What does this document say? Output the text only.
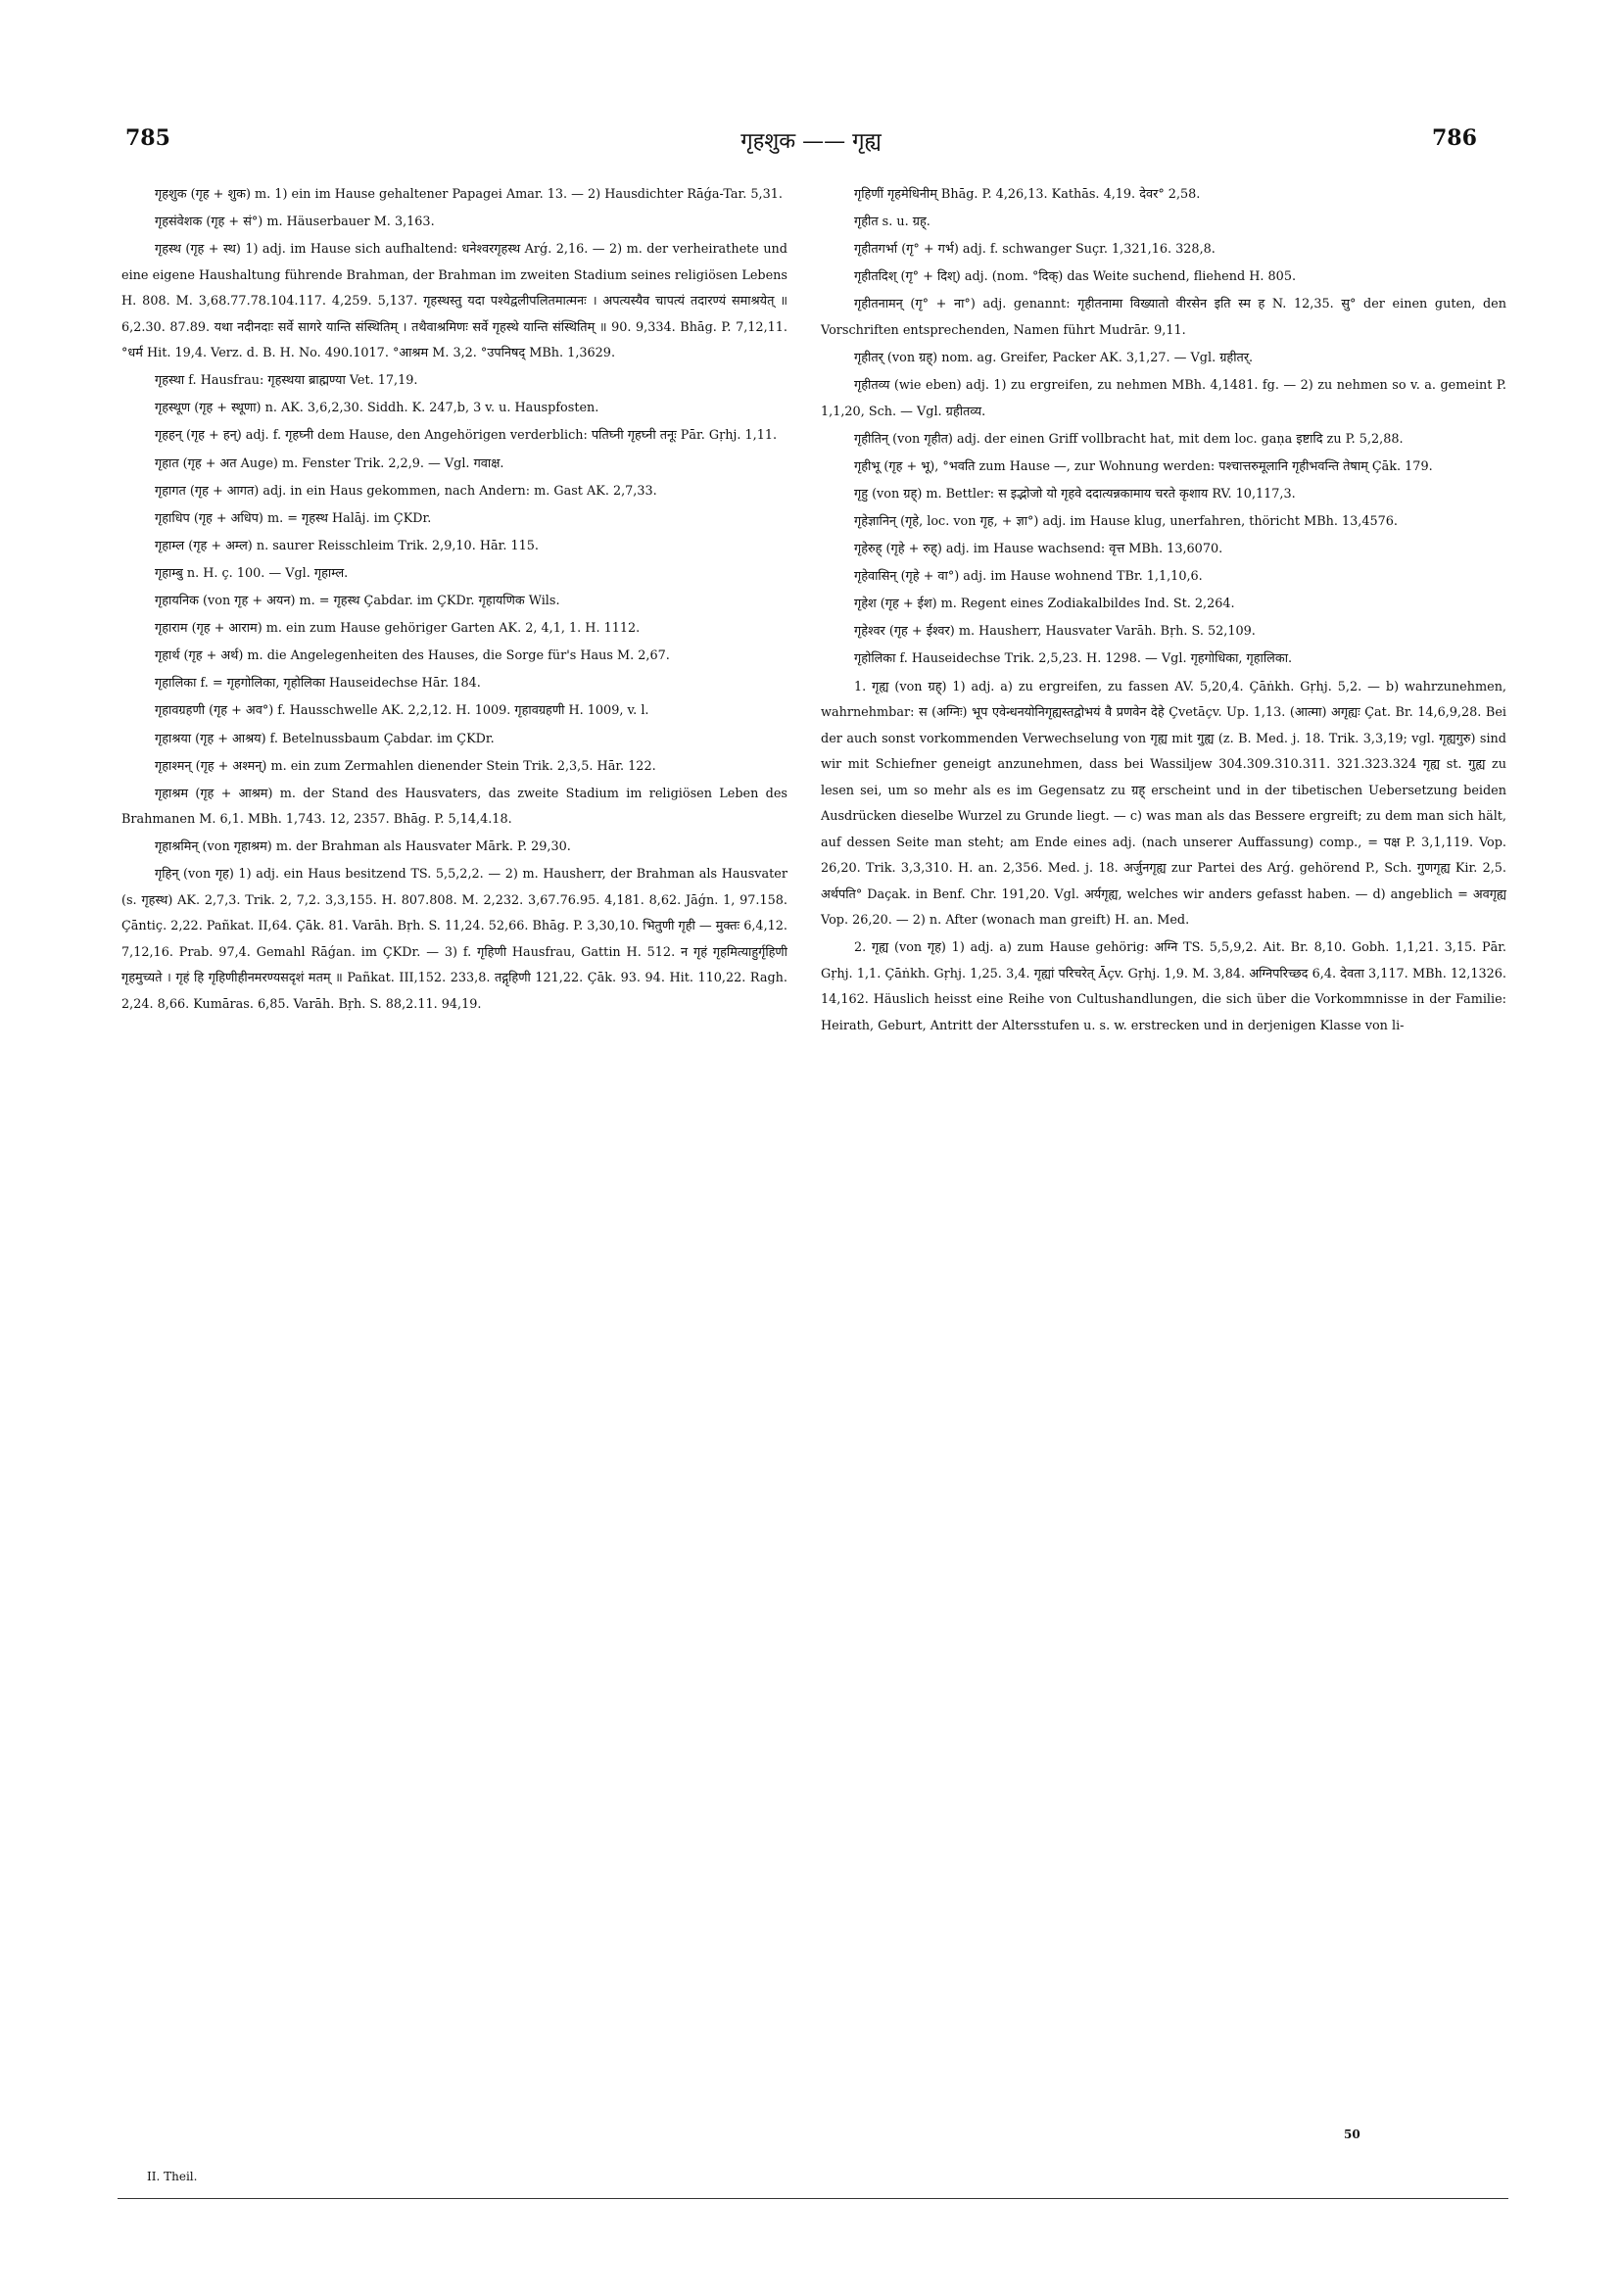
785	गृहशुक —— गृह्य	786

गृहशुक (गृह + शुक) m. 1) ein im Hause gehaltener Papagei Amar. 13. — 2) Hausdichter Rāǵa-Tar. 5,31.

गृहसंवेशक (गृह + सं°) m. Häuserbauer M. 3,163.

गृहस्थ (गृह + स्थ) 1) adj. im Hause sich aufhaltend: धनेश्वरगृहस्थ Arǵ. 2,16. — 2) m. der verheirathete und eine eigene Haushaltung führende Brahman, der Brahman im zweiten Stadium seines religiösen Lebens H. 808. M. 3,68.77.78.104.117. 4,259. 5,137. गृहस्थस्तु यदा पश्येद्वलीपलितमात्मनः । अपत्यस्यैव चापत्यं तदारण्यं समाश्रयेत् ॥ 6,2.30. 87.89. यथा नदीनदाः सर्वे सागरे यान्ति संस्थितिम् । तथैवाश्रमिणः सर्वे गृहस्थे यान्ति संस्थितिम् ॥ 90. 9,334. Bhāg. P. 7,12,11. °धर्म Hit. 19,4. Verz. d. B. H. No. 490.1017. °आश्रम M. 3,2. °उपनिषद् MBh. 1,3629.

गृहस्था f. Hausfrau: गृहस्थया ब्राह्मण्या Vet. 17,19.

गृहस्थूण (गृह + स्थूणा) n. AK. 3,6,2,30. Siddh. K. 247,b, 3 v. u. Hauspfosten.

गृहहन् (गृह + हन्) adj. f. गृहघ्नी dem Hause, den Angehörigen verderblich: पतिघ्नी गृहघ्नी तनूः Pār. Gṛhj. 1,11.

गृहात (गृह + अत Auge) m. Fenster Trik. 2,2,9. — Vgl. गवाक्ष.

गृहागत (गृह + आगत) adj. in ein Haus gekommen, nach Andern: m. Gast AK. 2,7,33.

गृहाधिप (गृह + अधिप) m. = गृहस्थ Halāj. im ÇKDr.

गृहाम्ल (गृह + अम्ल) n. saurer Reisschleim Trik. 2,9,10. Hār. 115.

गृहाम्बु n. H. ç. 100. — Vgl. गृहाम्ल.

गृहायनिक (von गृह + अयन) m. = गृहस्थ Çabdar. im ÇKDr. गृहायणिक Wils.

गृहाराम (गृह + आराम) m. ein zum Hause gehöriger Garten AK. 2, 4,1, 1. H. 1112.

गृहार्थ (गृह + अर्थ) m. die Angelegenheiten des Hauses, die Sorge für's Haus M. 2,67.

गृहालिका f. = गृहगोलिका, गृहोलिका Hauseidechse Hār. 184.

गृहावग्रहणी (गृह + अव°) f. Hausschwelle AK. 2,2,12. H. 1009. गृहावग्रहणी H. 1009, v. l.

गृहाश्रया (गृह + आश्रय) f. Betelnussbaum Çabdar. im ÇKDr.

गृहाश्मन् (गृह + अश्मन्) m. ein zum Zermahlen dienender Stein Trik. 2,3,5. Hār. 122.

गृहाश्रम (गृह + आश्रम) m. der Stand des Hausvaters, das zweite Stadium im religiösen Leben des Brahmanen M. 6,1. MBh. 1,743. 12, 2357. Bhāg. P. 5,14,4.18.

गृहाश्रमिन् (von गृहाश्रम) m. der Brahman als Hausvater Mārk. P. 29,30.

गृहिन् (von गृह) 1) adj. ein Haus besitzend TS. 5,5,2,2. — 2) m. Hausherr, der Brahman als Hausvater (s. गृहस्थ) AK. 2,7,3. Trik. 2, 7,2. 3,3,155. H. 807.808. M. 2,232. 3,67.76.95. 4,181. 8,62. Jāǵn. 1, 97.158. Çāntiç. 2,22. Pañkat. II,64. Çāk. 81. Varāh. Bṛh. S. 11,24. 52,66. Bhāg. P. 3,30,10. भितुणी गृही — मुक्तः 6,4,12. 7,12,16. Prab. 97,4. Gemahl Rāǵan. im ÇKDr. — 3) f. गृहिणी Hausfrau, Gattin H. 512. न गृहं गृहमित्याहुर्गृहिणी गृहमुच्यते । गृहं हि गृहिणीहीनमरण्यसदृशं मतम् ॥ Pañkat. III,152. 233,8. तद्गृहिणी 121,22. Çāk. 93. 94. Hit. 110,22. Ragh. 2,24. 8,66. Kumāras. 6,85. Varāh. Bṛh. S. 88,2.11. 94,19.

गृहिणीं गृहमेधिनीम् Bhāg. P. 4,26,13. Kathās. 4,19. देवर° 2,58.

गृहीत s. u. ग्रह्.

गृहीतगर्भा (गृ° + गर्भ) adj. f. schwanger Suçr. 1,321,16. 328,8.

गृहीतदिश् (गृ° + दिश्) adj. (nom. °दिक्) das Weite suchend, fliehend H. 805.

गृहीतनामन् (गृ° + ना°) adj. genannt: गृहीतनामा विख्यातो वीरसेन इति स्म ह N. 12,35. सु° der einen guten, den Vorschriften entsprechenden, Namen führt Mudrār. 9,11.

गृहीतर् (von ग्रह्) nom. ag. Greifer, Packer AK. 3,1,27. — Vgl. ग्रहीतर्.

गृहीतव्य (wie eben) adj. 1) zu ergreifen, zu nehmen MBh. 4,1481. fg. — 2) zu nehmen so v. a. gemeint P. 1,1,20, Sch. — Vgl. ग्रहीतव्य.

गृहीतिन् (von गृहीत) adj. der einen Griff vollbracht hat, mit dem loc. gaṇa इष्टादि zu P. 5,2,88.

गृहीभू (गृह + भू), °भवति zum Hause —, zur Wohnung werden: पश्चात्तरुमूलानि गृहीभवन्ति तेषाम् Çāk. 179.

गृहु (von ग्रह्) m. Bettler: स इद्भोजो यो गृहवे ददात्यन्नकामाय चरते कृशाय RV. 10,117,3.

गृहेज्ञानिन् (गृहे, loc. von गृह, + ज्ञा°) adj. im Hause klug, unerfahren, thöricht MBh. 13,4576.

गृहेरुह् (गृहे + रुह्) adj. im Hause wachsend: वृत्त MBh. 13,6070.

गृहेवासिन् (गृहे + वा°) adj. im Hause wohnend TBr. 1,1,10,6.

गृहेश (गृह + ईश) m. Regent eines Zodiakalbildes Ind. St. 2,264.

गृहेश्वर (गृह + ईश्वर) m. Hausherr, Hausvater Varāh. Bṛh. S. 52,109.

गृहोलिका f. Hauseidechse Trik. 2,5,23. H. 1298. — Vgl. गृहगोधिका, गृहालिका.

1. गृह्य (von ग्रह्) 1) adj. a) zu ergreifen, zu fassen AV. 5,20,4. Çāṅkh. Gṛhj. 5,2. — b) wahrzunehmen, wahrnehmbar: स (अग्निः) भूप एवेन्धनयोनिगृह्यस्तद्वोभयं वै प्रणवेन देहे Çvetāçv. Up. 1,13. (आत्मा) अगृह्यः Çat. Br. 14,6,9,28. Bei der auch sonst vorkommenden Verwechselung von गृह्य mit गुह्य (z. B. Med. j. 18. Trik. 3,3,19; vgl. गृह्यगुरु) sind wir mit Schiefner geneigt anzunehmen, dass bei Wassiljew 304.309.310.311. 321.323.324 गृह्य st. गुह्य zu lesen sei, um so mehr als es im Gegensatz zu ग्रह् erscheint und in der tibetischen Uebersetzung beiden Ausdrücken dieselbe Wurzel zu Grunde liegt. — c) was man als das Bessere ergreift; zu dem man sich hält, auf dessen Seite man steht; am Ende eines adj. (nach unserer Auffassung) comp., = पक्ष P. 3,1,119. Vop. 26,20. Trik. 3,3,310. H. an. 2,356. Med. j. 18. अर्जुनगृह्य zur Partei des Arǵ. gehörend P., Sch. गुणगृह्य Kir. 2,5. अर्थपति° Daçak. in Benf. Chr. 191,20. Vgl. अर्यगृह्य, welches wir anders gefasst haben. — d) angeblich = अवगृह्य Vop. 26,20. — 2) n. After (wonach man greift) H. an. Med.

2. गृह्य (von गृह) 1) adj. a) zum Hause gehörig: अग्नि TS. 5,5,9,2. Ait. Br. 8,10. Gobh. 1,1,21. 3,15. Pār. Gṛhj. 1,1. Çāṅkh. Gṛhj. 1,25. 3,4. गृह्यां परिचरेत् Āçv. Gṛhj. 1,9. M. 3,84. अग्निपरिच्छद 6,4. देवता 3,117. MBh. 12,1326. 14,162. Häuslich heisst eine Reihe von Cultushandlungen, die sich über die Vorkommnisse in der Familie: Heirath, Geburt, Antritt der Altersstufen u. s. w. erstrecken und in derjenigen Klasse von li-

II. Theil.
50
